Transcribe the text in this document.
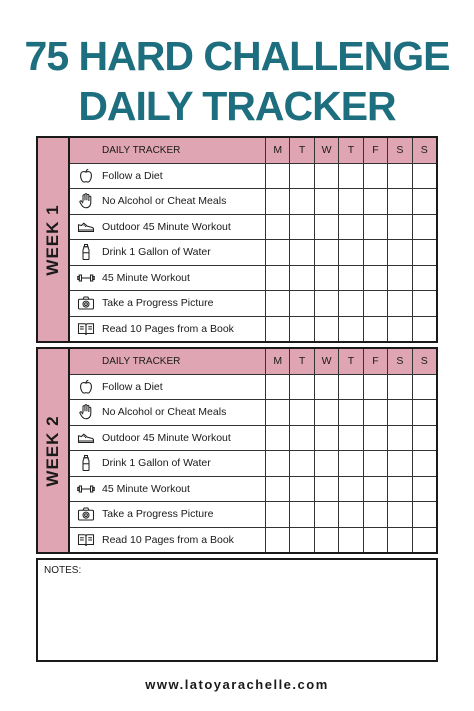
75 HARD CHALLENGE
DAILY TRACKER
WEEK 1
DAILY TRACKER	M	T	W	T	F	S	S
Follow a Diet
No Alcohol or Cheat Meals
Outdoor 45 Minute Workout
Drink 1 Gallon of Water
45 Minute Workout
Take a Progress Picture
Read 10 Pages from a Book
WEEK 2
DAILY TRACKER	M	T	W	T	F	S	S
Follow a Diet
No Alcohol or Cheat Meals
Outdoor 45 Minute Workout
Drink 1 Gallon of Water
45 Minute Workout
Take a Progress Picture
Read 10 Pages from a Book
NOTES:
www.latoyarachelle.com
